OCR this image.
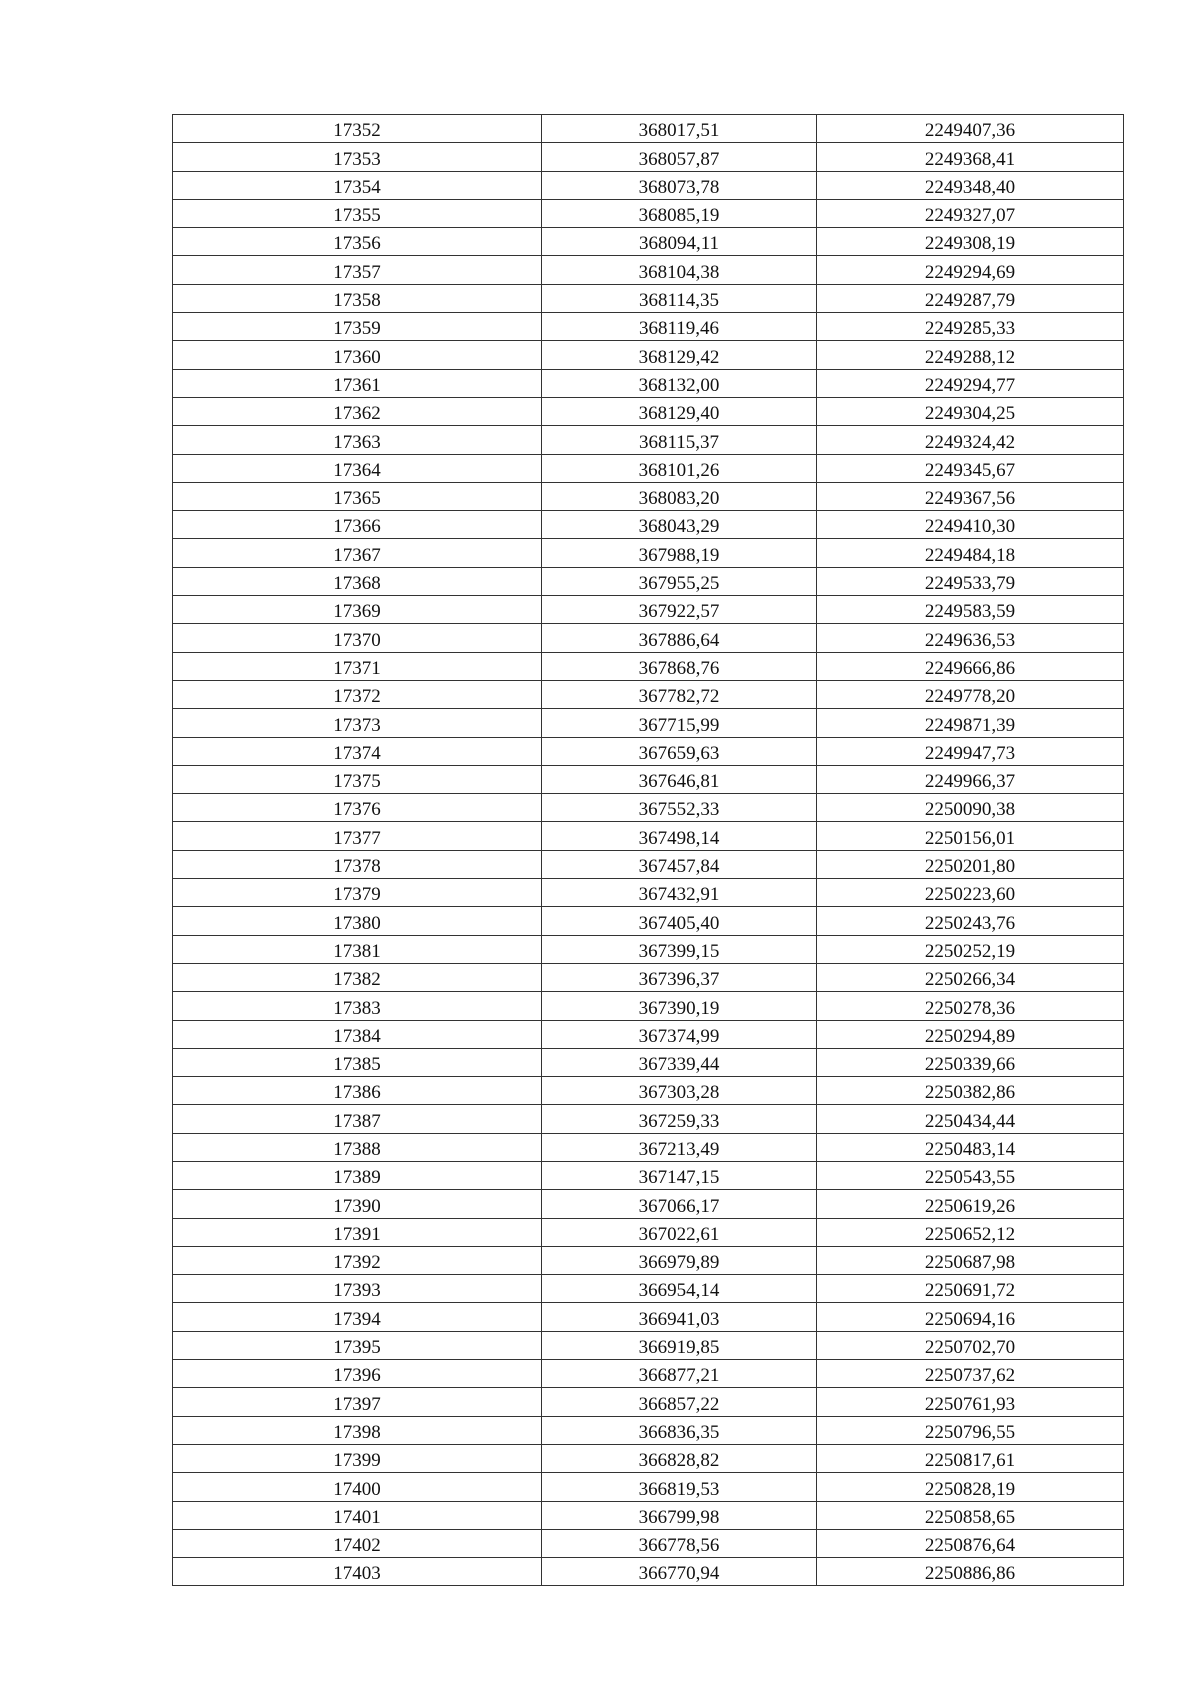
17352	368017,51	2249407,36
17353	368057,87	2249368,41
17354	368073,78	2249348,40
17355	368085,19	2249327,07
17356	368094,11	2249308,19
17357	368104,38	2249294,69
17358	368114,35	2249287,79
17359	368119,46	2249285,33
17360	368129,42	2249288,12
17361	368132,00	2249294,77
17362	368129,40	2249304,25
17363	368115,37	2249324,42
17364	368101,26	2249345,67
17365	368083,20	2249367,56
17366	368043,29	2249410,30
17367	367988,19	2249484,18
17368	367955,25	2249533,79
17369	367922,57	2249583,59
17370	367886,64	2249636,53
17371	367868,76	2249666,86
17372	367782,72	2249778,20
17373	367715,99	2249871,39
17374	367659,63	2249947,73
17375	367646,81	2249966,37
17376	367552,33	2250090,38
17377	367498,14	2250156,01
17378	367457,84	2250201,80
17379	367432,91	2250223,60
17380	367405,40	2250243,76
17381	367399,15	2250252,19
17382	367396,37	2250266,34
17383	367390,19	2250278,36
17384	367374,99	2250294,89
17385	367339,44	2250339,66
17386	367303,28	2250382,86
17387	367259,33	2250434,44
17388	367213,49	2250483,14
17389	367147,15	2250543,55
17390	367066,17	2250619,26
17391	367022,61	2250652,12
17392	366979,89	2250687,98
17393	366954,14	2250691,72
17394	366941,03	2250694,16
17395	366919,85	2250702,70
17396	366877,21	2250737,62
17397	366857,22	2250761,93
17398	366836,35	2250796,55
17399	366828,82	2250817,61
17400	366819,53	2250828,19
17401	366799,98	2250858,65
17402	366778,56	2250876,64
17403	366770,94	2250886,86
